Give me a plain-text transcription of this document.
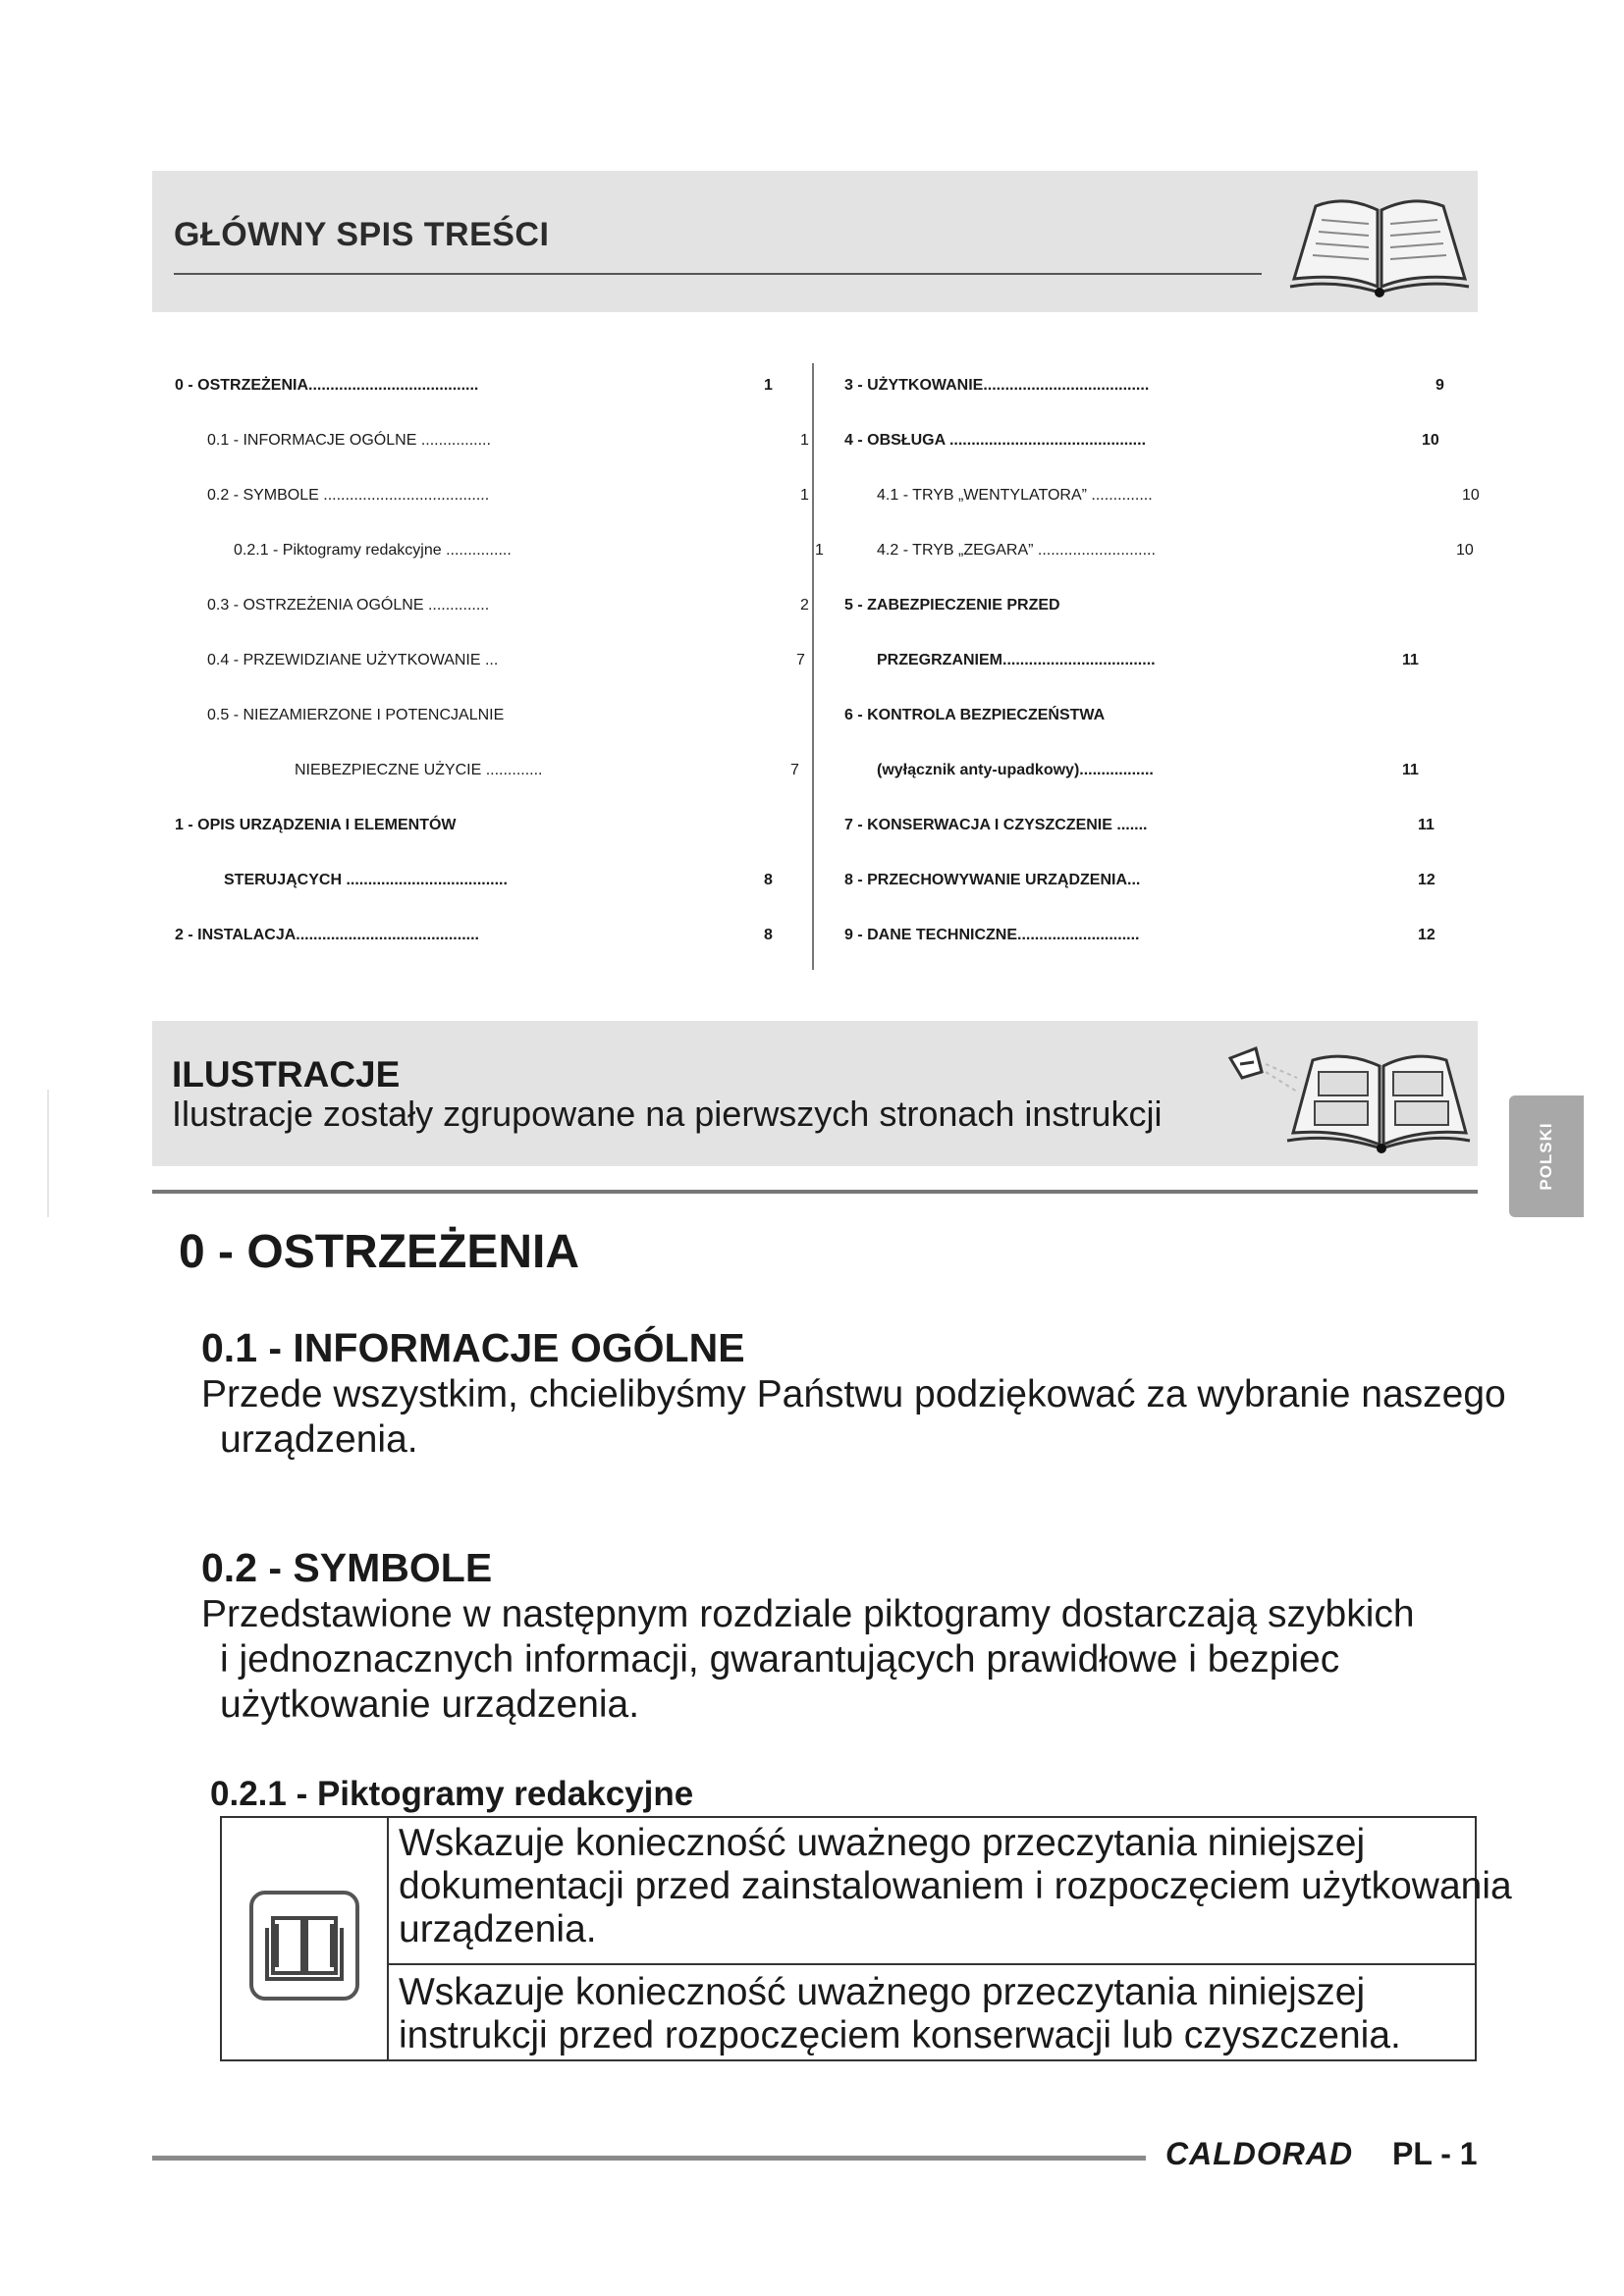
GŁÓWNY SPIS TREŚCI
0 - OSTRZEŻENIA.......................................	1
0.1 - INFORMACJE OGÓLNE ................	1
0.2 - SYMBOLE ......................................	1
0.2.1 - Piktogramy redakcyjne ...............	1
0.3 - OSTRZEŻENIA OGÓLNE ..............	2
0.4 - PRZEWIDZIANE UŻYTKOWANIE ...	7
0.5 - NIEZAMIERZONE I POTENCJALNIE
NIEBEZPIECZNE UŻYCIE .............	7
1 - OPIS URZĄDZENIA I ELEMENTÓW
STERUJĄCYCH .....................................	8
2 - INSTALACJA..........................................	8
3 - UŻYTKOWANIE......................................	9
4 - OBSŁUGA .............................................	10
4.1 - TRYB „WENTYLATORA” ..............	10
4.2 - TRYB „ZEGARA” ...........................	10
5 - ZABEZPIECZENIE PRZED
PRZEGRZANIEM...................................	11
6 - KONTROLA BEZPIECZEŃSTWA
(wyłącznik anty-upadkowy).................	11
7 - KONSERWACJA I CZYSZCZENIE .......	11
8 - PRZECHOWYWANIE URZĄDZENIA...	12
9 - DANE TECHNICZNE............................	12
ILUSTRACJE
Ilustracje zostały zgrupowane na pierwszych stronach instrukcji
POLSKI
0 - OSTRZEŻENIA
0.1 - INFORMACJE OGÓLNE
Przede wszystkim, chcielibyśmy Państwu podziękować za wybranie naszego
urządzenia.
0.2 - SYMBOLE
Przedstawione w następnym rozdziale piktogramy dostarczają szybkich
i jednoznacznych informacji, gwarantujących prawidłowe i bezpiec
użytkowanie urządzenia.
0.2.1 - Piktogramy redakcyjne
Wskazuje konieczność uważnego przeczytania niniejszej
dokumentacji przed zainstalowaniem i rozpoczęciem użytkowania
urządzenia.
Wskazuje konieczność uważnego przeczytania niniejszej
instrukcji przed rozpoczęciem konserwacji lub czyszczenia.
CALDORAD PL - 1
